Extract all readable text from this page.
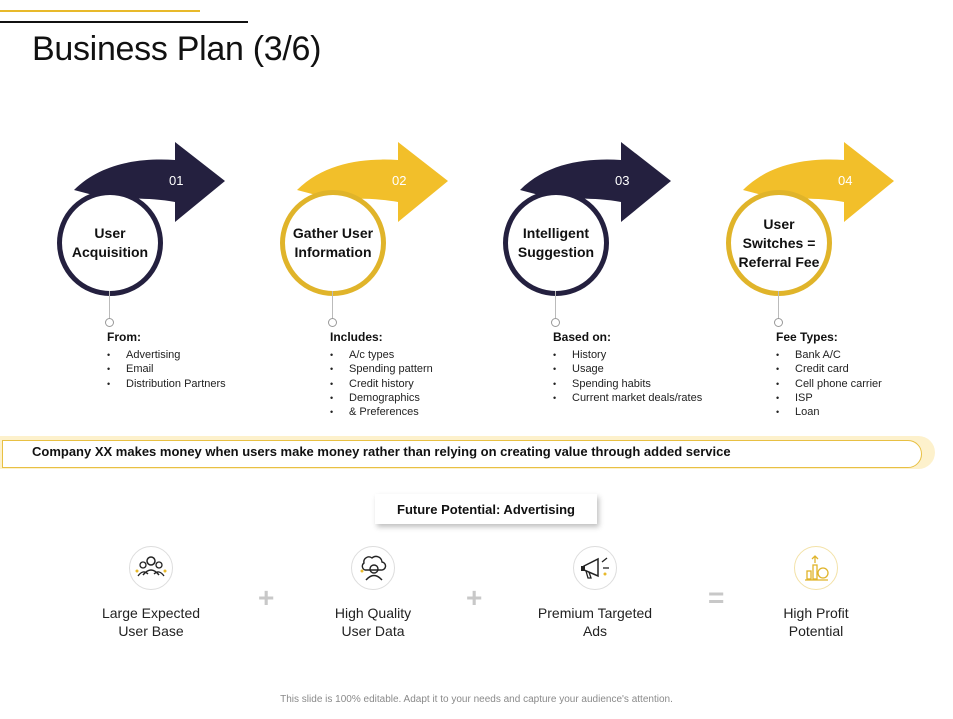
Business Plan (3/6)
01
User
Acquisition
From:
• Advertising
• Email
• Distribution Partners
02
Gather User
Information
Includes:
• A/c types
• Spending pattern
• Credit history
• Demographics
• & Preferences
03
Intelligent
Suggestion
Based on:
• History
• Usage
• Spending habits
• Current market deals/rates
04
User
Switches =
Referral Fee
Fee Types:
• Bank A/C
• Credit card
• Cell phone carrier
• ISP
• Loan
Company XX makes money when users make money rather than relying on creating value through added service
Future Potential: Advertising
Large Expected
User Base
+	High Quality
User Data
+	Premium Targeted
Ads
=	High Profit
Potential
This slide is 100% editable. Adapt it to your needs and capture your audience's attention.
